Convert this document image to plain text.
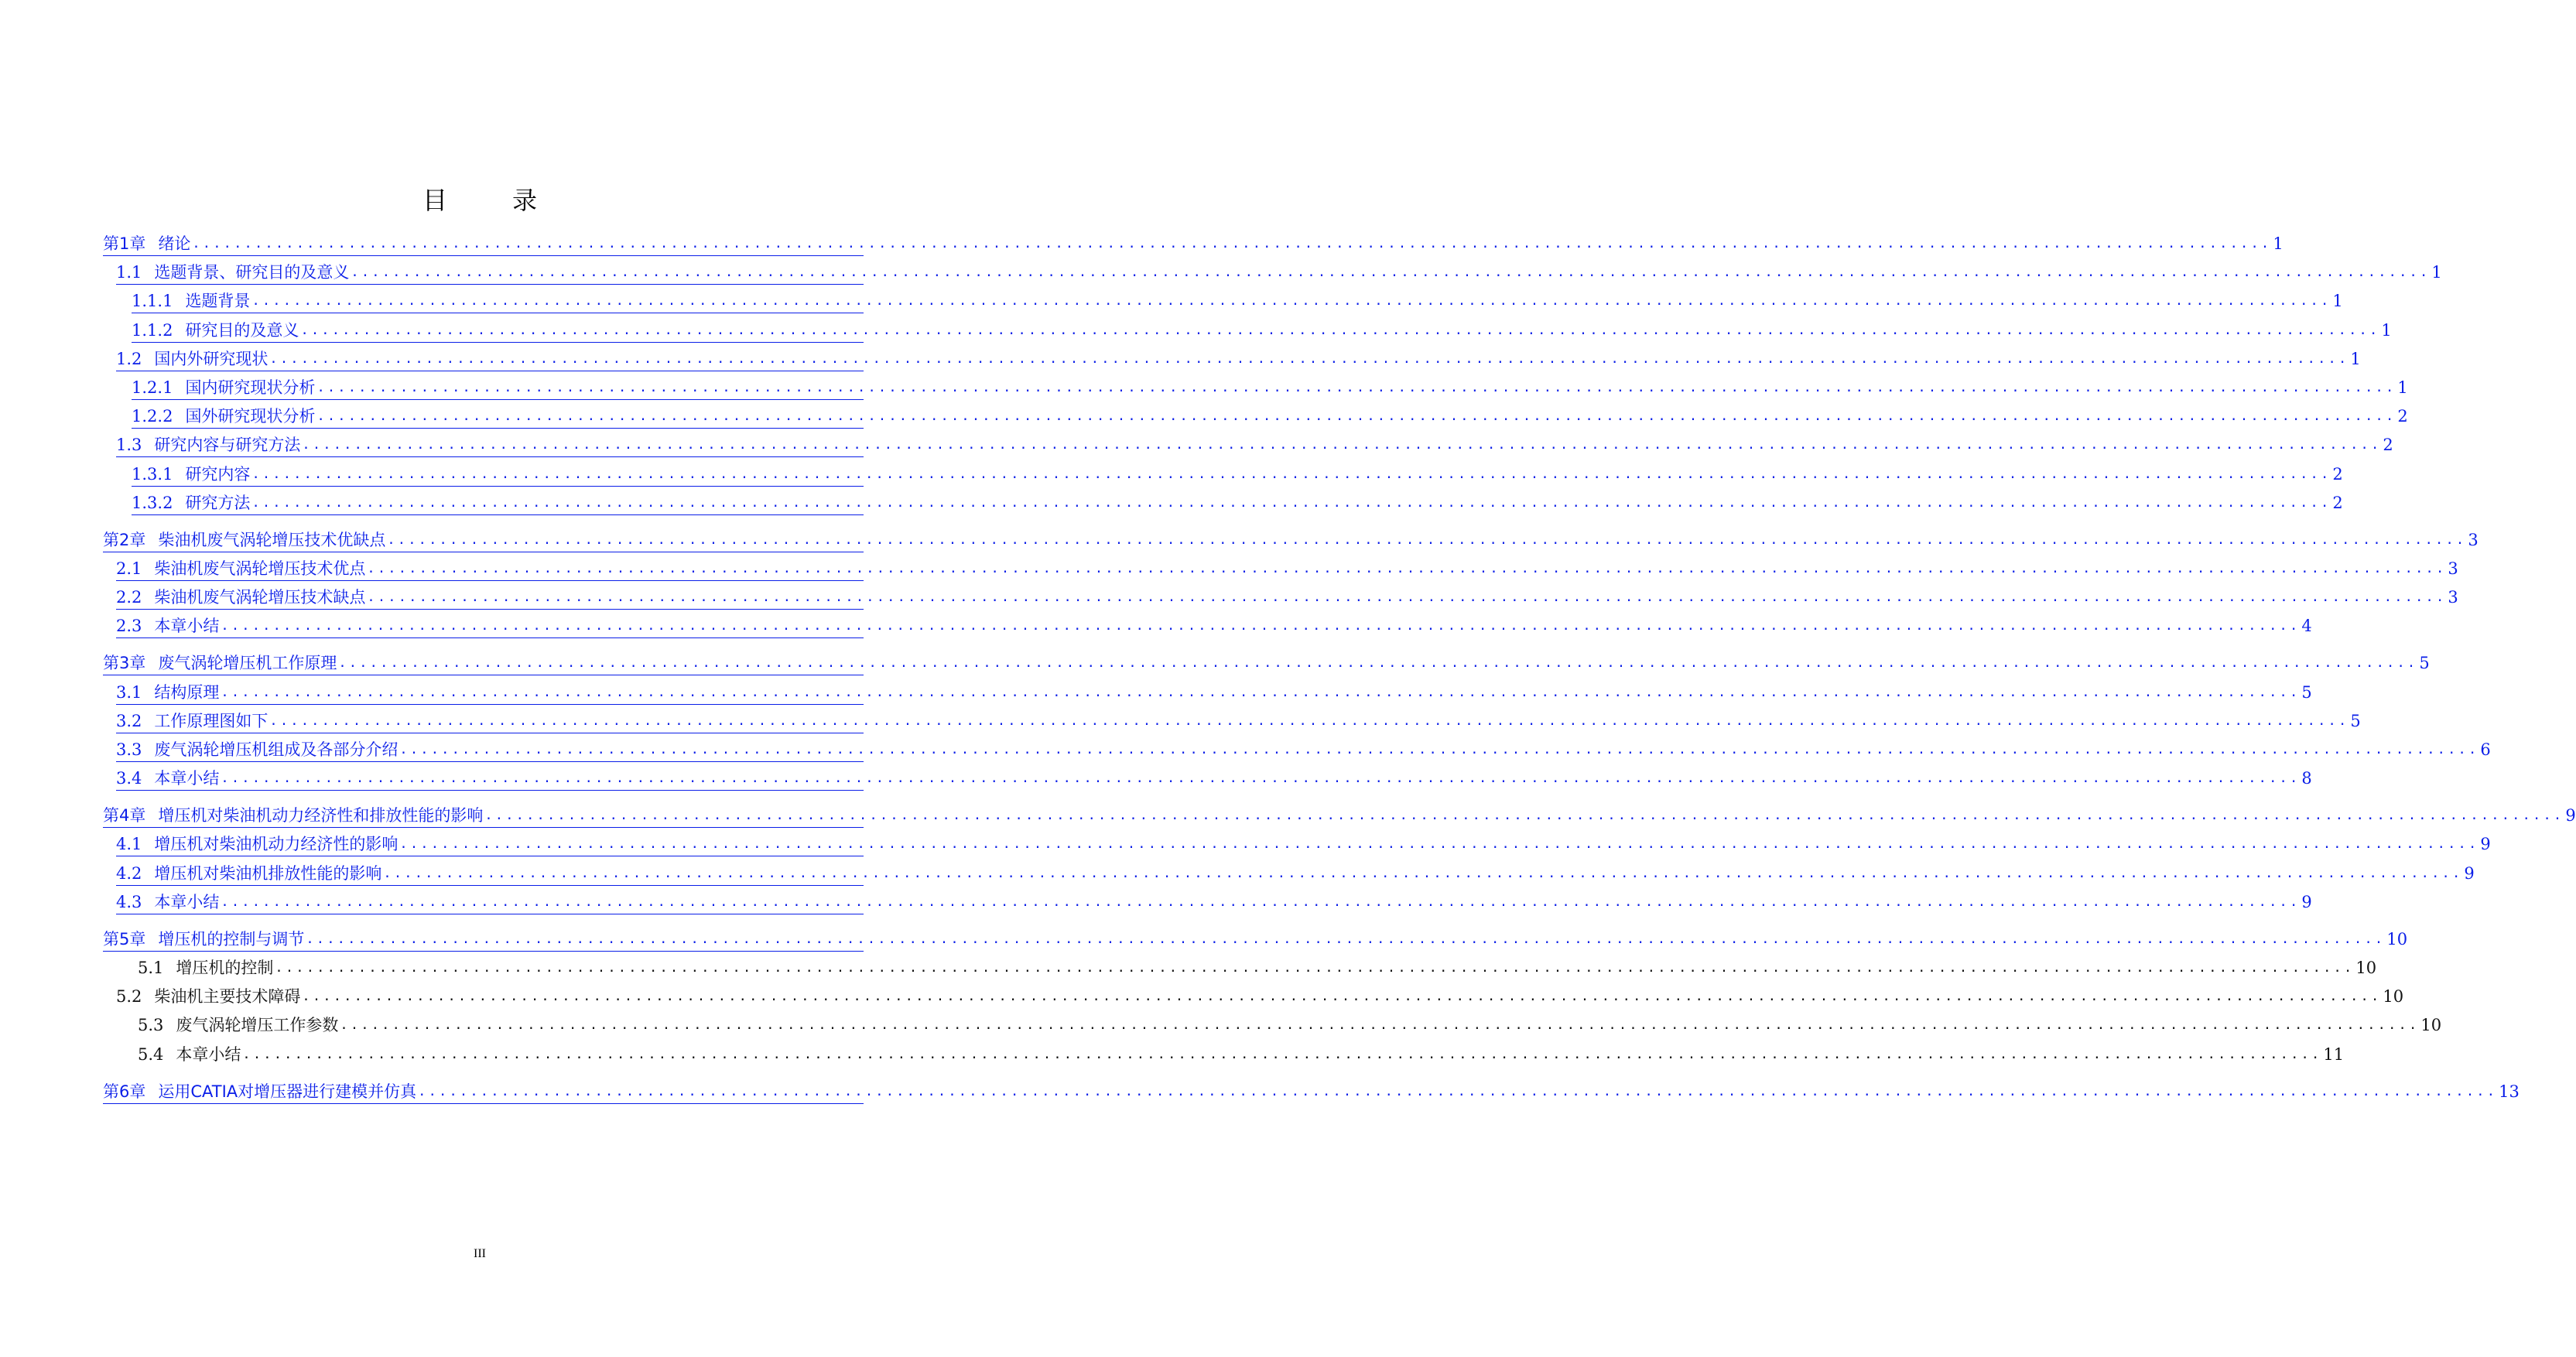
目　录
第1章 绪论 ........................................................................................................................................................................................................ 1
1.1 选题背景、研究目的及意义 ........................................................................................................................................................................................................ 1
1.1.1 选题背景 ........................................................................................................................................................................................................ 1
1.1.2 研究目的及意义 ........................................................................................................................................................................................................ 1
1.2 国内外研究现状 ........................................................................................................................................................................................................ 1
1.2.1 国内研究现状分析 ........................................................................................................................................................................................................ 1
1.2.2 国外研究现状分析 ........................................................................................................................................................................................................ 2
1.3 研究内容与研究方法 ........................................................................................................................................................................................................ 2
1.3.1 研究内容 ........................................................................................................................................................................................................ 2
1.3.2 研究方法 ........................................................................................................................................................................................................ 2
第2章 柴油机废气涡轮增压技术优缺点 ........................................................................................................................................................................................................ 3
2.1 柴油机废气涡轮增压技术优点 ........................................................................................................................................................................................................ 3
2.2 柴油机废气涡轮增压技术缺点 ........................................................................................................................................................................................................ 3
2.3 本章小结 ........................................................................................................................................................................................................ 4
第3章 废气涡轮增压机工作原理 ........................................................................................................................................................................................................ 5
3.1 结构原理 ........................................................................................................................................................................................................ 5
3.2 工作原理图如下 ........................................................................................................................................................................................................ 5
3.3 废气涡轮增压机组成及各部分介绍 ........................................................................................................................................................................................................ 6
3.4 本章小结 ........................................................................................................................................................................................................ 8
第4章 增压机对柴油机动力经济性和排放性能的影响 ........................................................................................................................................................................................................ 9
4.1 增压机对柴油机动力经济性的影响 ........................................................................................................................................................................................................ 9
4.2 增压机对柴油机排放性能的影响 ........................................................................................................................................................................................................ 9
4.3 本章小结 ........................................................................................................................................................................................................ 9
第5章 增压机的控制与调节 ........................................................................................................................................................................................................ 10
5.1 增压机的控制 ........................................................................................................................................................................................................ 10
5.2 柴油机主要技术障碍 ........................................................................................................................................................................................................ 10
5.3 废气涡轮增压工作参数 ........................................................................................................................................................................................................ 10
5.4 本章小结 ........................................................................................................................................................................................................ 11
第6章 运用CATIA对增压器进行建模并仿真 ........................................................................................................................................................................................................ 13
III
